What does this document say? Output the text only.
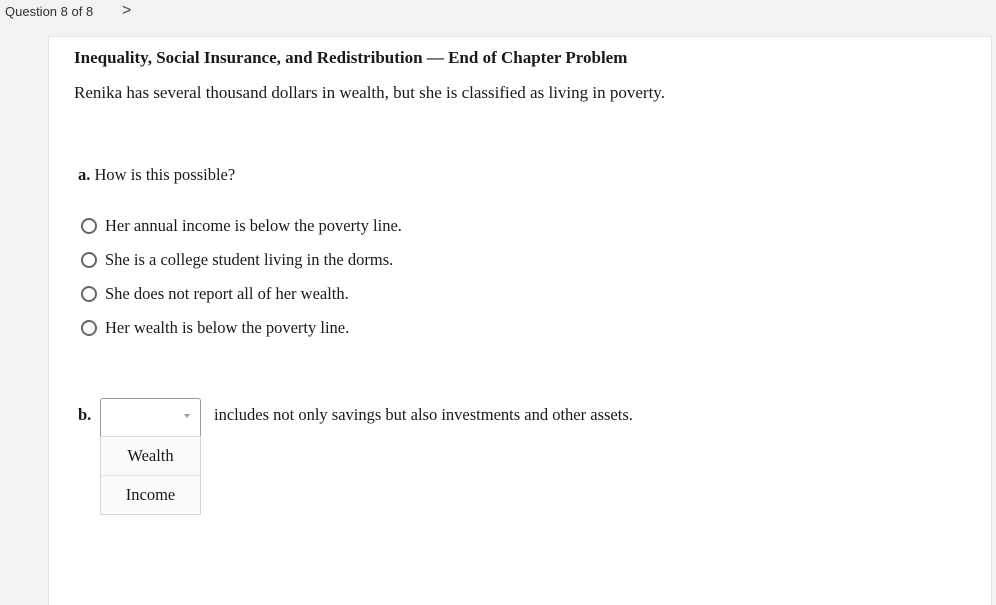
Question 8 of 8 >
Inequality, Social Insurance, and Redistribution — End of Chapter Problem
Renika has several thousand dollars in wealth, but she is classified as living in poverty.
a. How is this possible?
Her annual income is below the poverty line.
She is a college student living in the dorms.
She does not report all of her wealth.
Her wealth is below the poverty line.
b.
Wealth
Income
includes not only savings but also investments and other assets.
